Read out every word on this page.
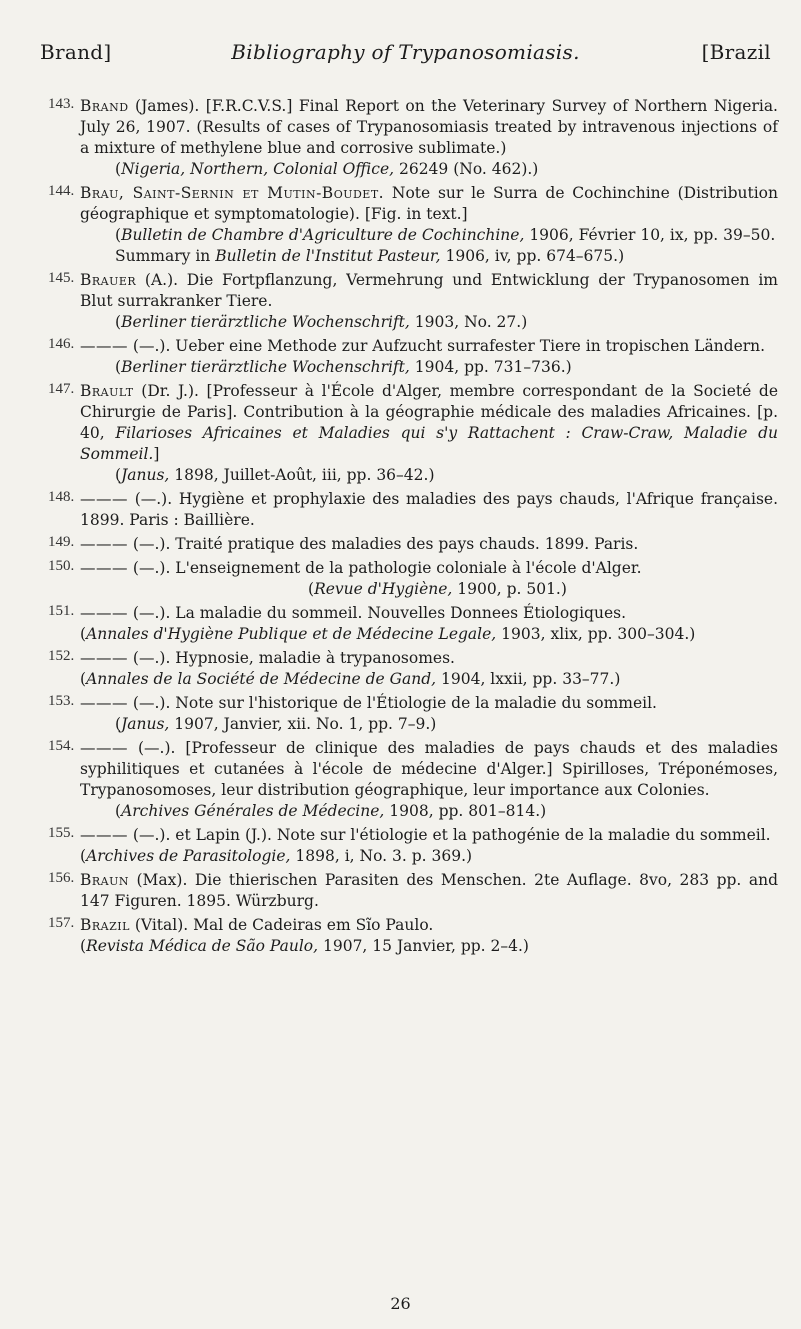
Brand]	Bibliography of Trypanosomiasis.	[Brazil
143. Brand (James). [F.R.C.V.S.] Final Report on the Veterinary Survey of Northern Nigeria. July 26, 1907. (Results of cases of Trypanosomiasis treated by intravenous injections of a mixture of methylene blue and corrosive sublimate.)
(Nigeria, Northern, Colonial Office, 26249 (No. 462).)
144. Brau, Saint-Sernin et Mutin-Boudet. Note sur le Surra de Cochinchine (Distribution géographique et symptomatologie). [Fig. in text.]
(Bulletin de Chambre d'Agriculture de Cochinchine, 1906, Février 10, ix, pp. 39–50.
Summary in Bulletin de l'Institut Pasteur, 1906, iv, pp. 674–675.)
145. Brauer (A.). Die Fortpflanzung, Vermehrung und Entwicklung der Trypanosomen im Blut surrakranker Tiere.
(Berliner tierärztliche Wochenschrift, 1903, No. 27.)
146. ——— (—.). Ueber eine Methode zur Aufzucht surrafester Tiere in tropischen Ländern.
(Berliner tierärztliche Wochenschrift, 1904, pp. 731–736.)
147. Brault (Dr. J.). [Professeur à l'École d'Alger, membre correspondant de la Societé de Chirurgie de Paris]. Contribution à la géographie médicale des maladies Africaines. [p. 40, Filarioses Africaines et Maladies qui s'y Rattachent : Craw-Craw, Maladie du Sommeil.]
(Janus, 1898, Juillet-Août, iii, pp. 36–42.)
148. ——— (—.). Hygiène et prophylaxie des maladies des pays chauds, l'Afrique française. 1899. Paris : Baillière.
149. ——— (—.). Traité pratique des maladies des pays chauds. 1899. Paris.
150. ——— (—.). L'enseignement de la pathologie coloniale à l'école d'Alger.
(Revue d'Hygiène, 1900, p. 501.)
151. ——— (—.). La maladie du sommeil. Nouvelles Donnees Étiologiques.
(Annales d'Hygiène Publique et de Médecine Legale, 1903, xlix, pp. 300–304.)
152. ——— (—.). Hypnosie, maladie à trypanosomes.
(Annales de la Société de Médecine de Gand, 1904, lxxii, pp. 33–77.)
153. ——— (—.). Note sur l'historique de l'Étiologie de la maladie du sommeil.
(Janus, 1907, Janvier, xii. No. 1, pp. 7–9.)
154. ——— (—.). [Professeur de clinique des maladies de pays chauds et des maladies syphilitiques et cutanées à l'école de médecine d'Alger.] Spirilloses, Tréponémoses, Trypanosomoses, leur distribution géographique, leur importance aux Colonies.
(Archives Générales de Médecine, 1908, pp. 801–814.)
155. ——— (—.). et Lapin (J.). Note sur l'étiologie et la pathogénie de la maladie du sommeil.
(Archives de Parasitologie, 1898, i, No. 3. p. 369.)
156. Braun (Max). Die thierischen Parasiten des Menschen. 2te Auflage. 8vo, 283 pp. and 147 Figuren. 1895. Würzburg.
157. Brazil (Vital). Mal de Cadeiras em Sĩo Paulo.
(Revista Médica de São Paulo, 1907, 15 Janvier, pp. 2–4.)
26
